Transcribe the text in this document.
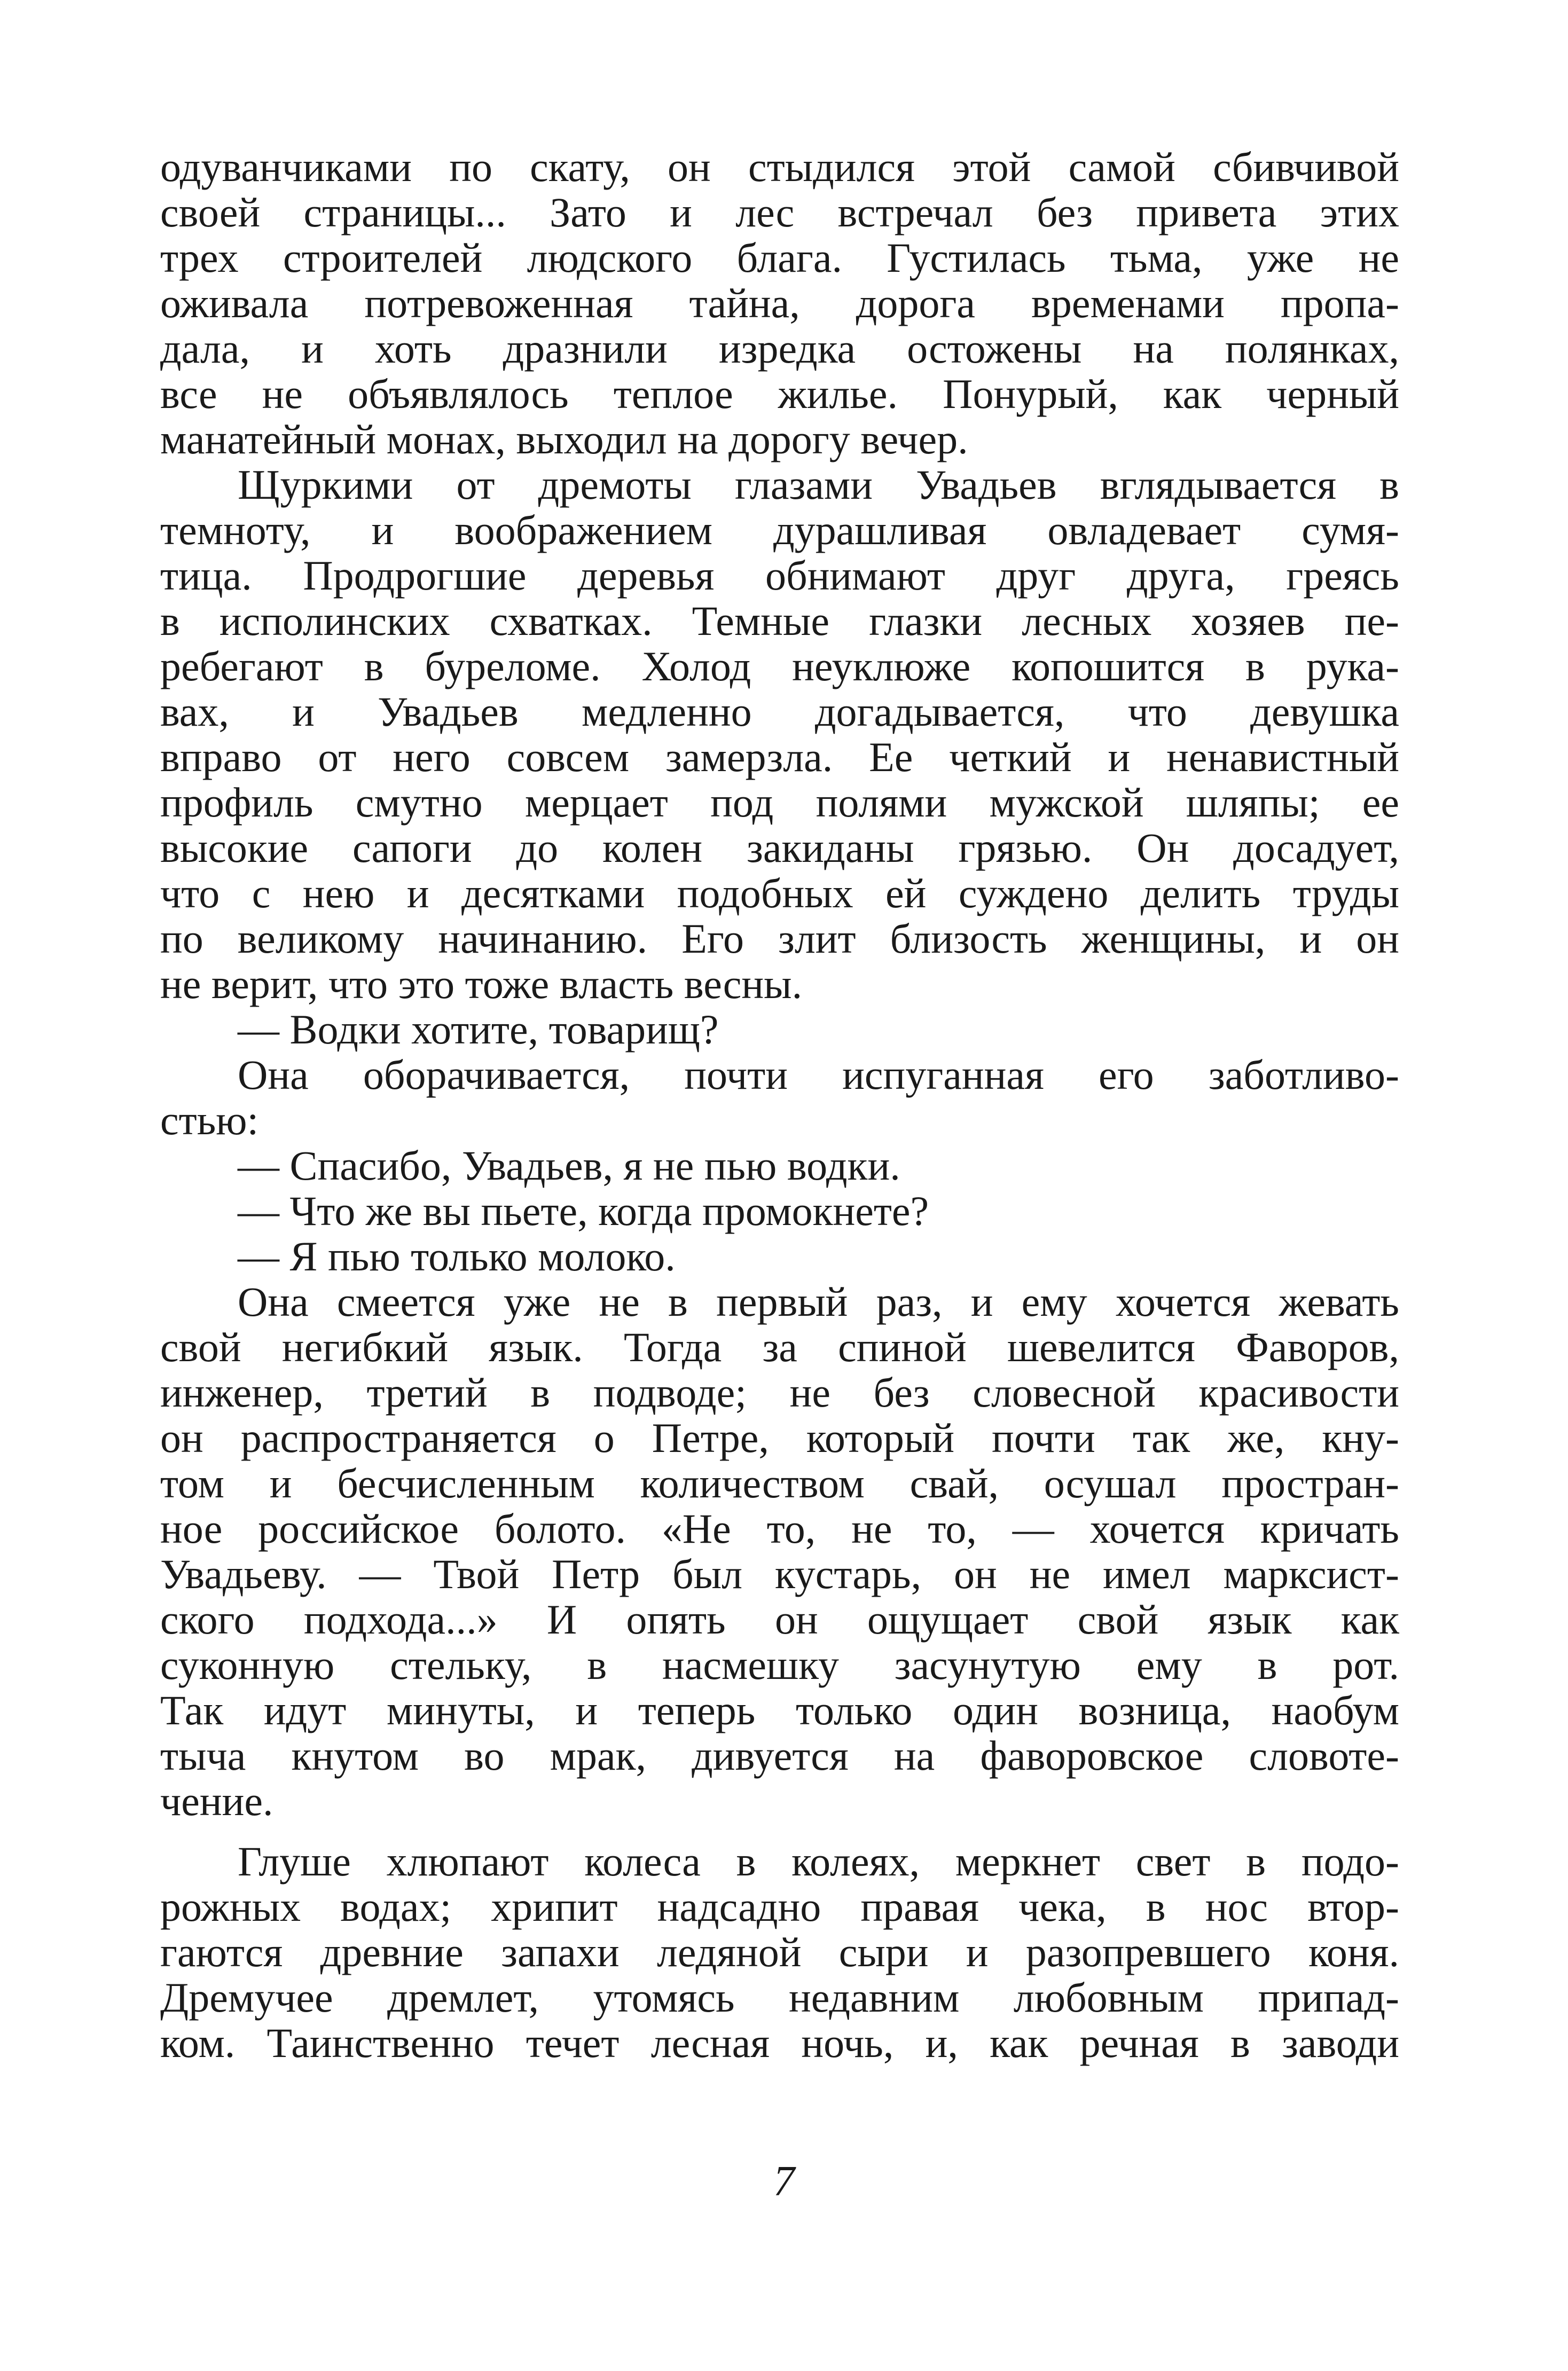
одуванчиками по скату, он стыдился этой самой сбивчивой
своей страницы... Зато и лес встречал без привета этих
трех строителей людского блага. Густилась тьма, уже не
оживала потревоженная тайна, дорога временами пропа-
дала, и хоть дразнили изредка остожены на полянках,
все не объявлялось теплое жилье. Понурый, как черный
манатейный монах, выходил на дорогу вечер.
Щуркими от дремоты глазами Увадьев вглядывается в
темноту, и воображением дурашливая овладевает сумя-
тица. Продрогшие деревья обнимают друг друга, греясь
в исполинских схватках. Темные глазки лесных хозяев пе-
ребегают в буреломе. Холод неуклюже копошится в рука-
вах, и Увадьев медленно догадывается, что девушка
вправо от него совсем замерзла. Ее четкий и ненавистный
профиль смутно мерцает под полями мужской шляпы; ее
высокие сапоги до колен закиданы грязью. Он досадует,
что с нею и десятками подобных ей суждено делить труды
по великому начинанию. Его злит близость женщины, и он
не верит, что это тоже власть весны.
— Водки хотите, товарищ?
Она оборачивается, почти испуганная его заботливо-
стью:
— Спасибо, Увадьев, я не пью водки.
— Что же вы пьете, когда промокнете?
— Я пью только молоко.
Она смеется уже не в первый раз, и ему хочется жевать
свой негибкий язык. Тогда за спиной шевелится Фаворов,
инженер, третий в подводе; не без словесной красивости
он распространяется о Петре, который почти так же, кну-
том и бесчисленным количеством свай, осушал простран-
ное российское болото. «Не то, не то, — хочется кричать
Увадьеву. — Твой Петр был кустарь, он не имел марксист-
ского подхода...» И опять он ощущает свой язык как
суконную стельку, в насмешку засунутую ему в рот.
Так идут минуты, и теперь только один возница, наобум
тыча кнутом во мрак, дивуется на фаворовское словоте-
чение.
Глуше хлюпают колеса в колеях, меркнет свет в подо-
рожных водах; хрипит надсадно правая чека, в нос втор-
гаются древние запахи ледяной сыри и разопревшего коня.
Дремучее дремлет, утомясь недавним любовным припад-
ком. Таинственно течет лесная ночь, и, как речная в заводи
7
